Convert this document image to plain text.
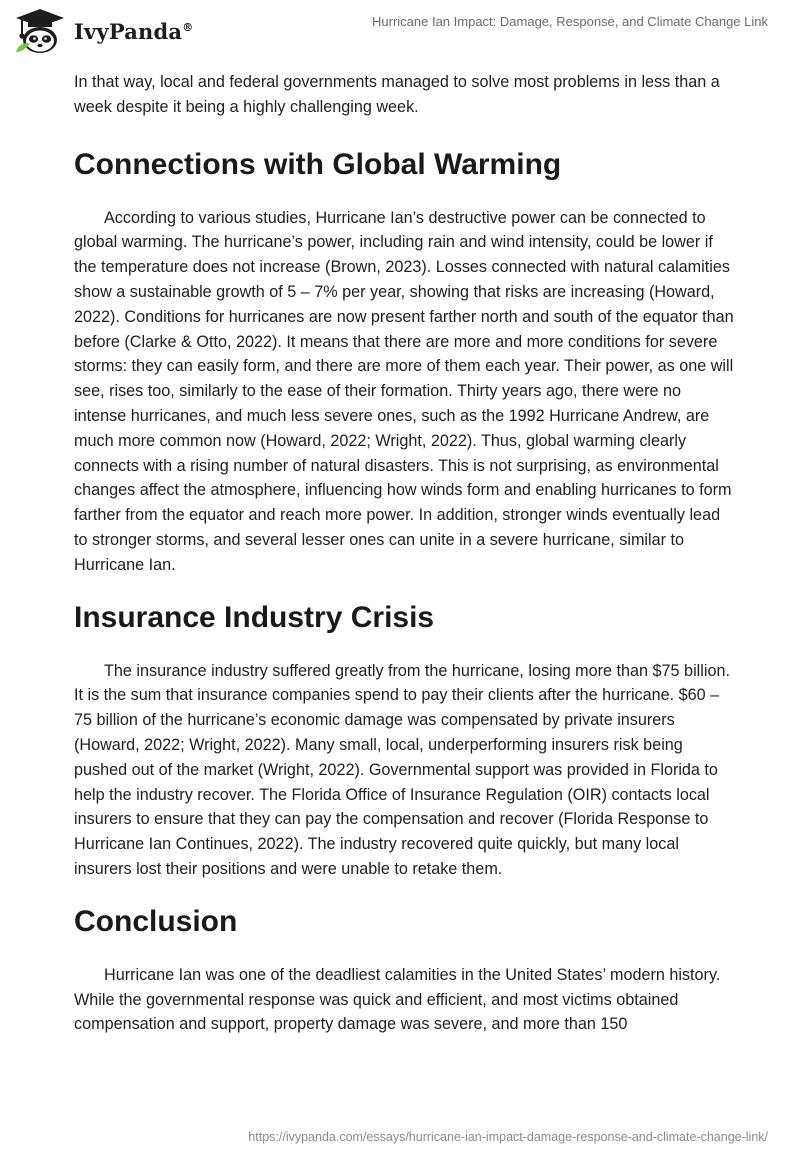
IvyPanda®	Hurricane Ian Impact: Damage, Response, and Climate Change Link

In that way, local and federal governments managed to solve most problems in less than a week despite it being a highly challenging week.

Connections with Global Warming

According to various studies, Hurricane Ian’s destructive power can be connected to global warming. The hurricane’s power, including rain and wind intensity, could be lower if the temperature does not increase (Brown, 2023). Losses connected with natural calamities show a sustainable growth of 5 – 7% per year, showing that risks are increasing (Howard, 2022). Conditions for hurricanes are now present farther north and south of the equator than before (Clarke & Otto, 2022). It means that there are more and more conditions for severe storms: they can easily form, and there are more of them each year. Their power, as one will see, rises too, similarly to the ease of their formation. Thirty years ago, there were no intense hurricanes, and much less severe ones, such as the 1992 Hurricane Andrew, are much more common now (Howard, 2022; Wright, 2022). Thus, global warming clearly connects with a rising number of natural disasters. This is not surprising, as environmental changes affect the atmosphere, influencing how winds form and enabling hurricanes to form farther from the equator and reach more power. In addition, stronger winds eventually lead to stronger storms, and several lesser ones can unite in a severe hurricane, similar to Hurricane Ian.

Insurance Industry Crisis

The insurance industry suffered greatly from the hurricane, losing more than $75 billion. It is the sum that insurance companies spend to pay their clients after the hurricane. $60 – 75 billion of the hurricane’s economic damage was compensated by private insurers (Howard, 2022; Wright, 2022). Many small, local, underperforming insurers risk being pushed out of the market (Wright, 2022). Governmental support was provided in Florida to help the industry recover. The Florida Office of Insurance Regulation (OIR) contacts local insurers to ensure that they can pay the compensation and recover (Florida Response to Hurricane Ian Continues, 2022). The industry recovered quite quickly, but many local insurers lost their positions and were unable to retake them.

Conclusion

Hurricane Ian was one of the deadliest calamities in the United States’ modern history. While the governmental response was quick and efficient, and most victims obtained compensation and support, property damage was severe, and more than 150

https://ivypanda.com/essays/hurricane-ian-impact-damage-response-and-climate-change-link/
